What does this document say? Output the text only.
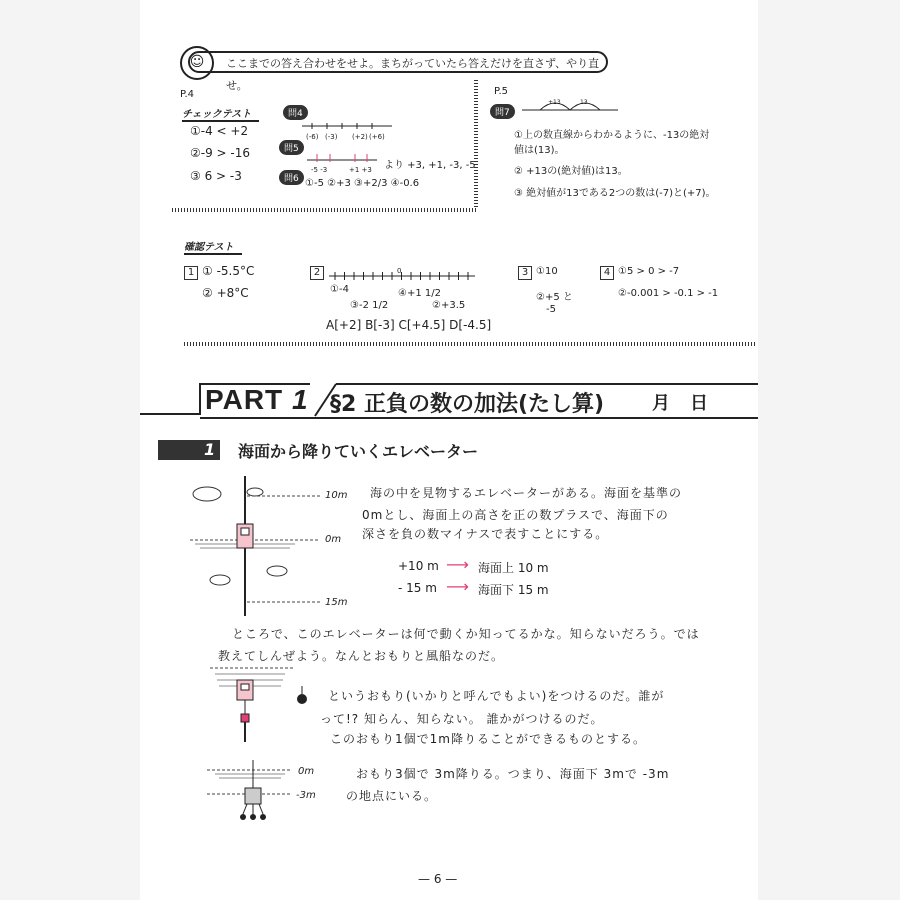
☺	ここまでの答え合わせをせよ。まちがっていたら答えだけを直さず、やり直せ。
P.4
チェックテスト
①-4 < +2
②-9 > -16
③ 6 > -3
問4
(-6) (-3) (+2) (+6)
問5
-5 -3	+1 +3 より +3, +1, -3, -5
問6 ①-5 ②+3 ③+2/3 ④-0.6
P.5
問7
+13	13
①上の数直線からわかるように、-13の絶対値は(13)。
② +13の(絶対値)は13。
③ 絶対値が13である2つの数は(-7)と(+7)。
確認テスト
1 ① -5.5°C
② +8°C
2	0
①-4
③-2 1/2
④+1 1/2
②+3.5
A[+2] B[-3] C[+4.5] D[-4.5]
3 ①10
②+5 と
-5
4 ①5 > 0 > -7
②-0.001 > -0.1 > -1
PART 1 §2 正負の数の加法(たし算)	月 日
1 海面から降りていくエレベーター
10m
0m
15m
海の中を見物するエレベーターがある。海面を基準の
0mとし、海面上の高さを正の数プラスで、海面下の
深さを負の数マイナスで表すことにする。
+10 m ⟶ 海面上 10 m
- 15 m ⟶ 海面下 15 m
ところで、このエレベーターは何で動くか知ってるかな。知らないだろう。では
教えてしんぜよう。なんとおもりと風船なのだ。
というおもり(いかりと呼んでもよい)をつけるのだ。誰が
って!? 知らん、知らない。 誰かがつけるのだ。
このおもり1個で1m降りることができるものとする。
0m
-3m
おもり3個で 3m降りる。つまり、海面下 3mで -3m
の地点にいる。
— 6 —
